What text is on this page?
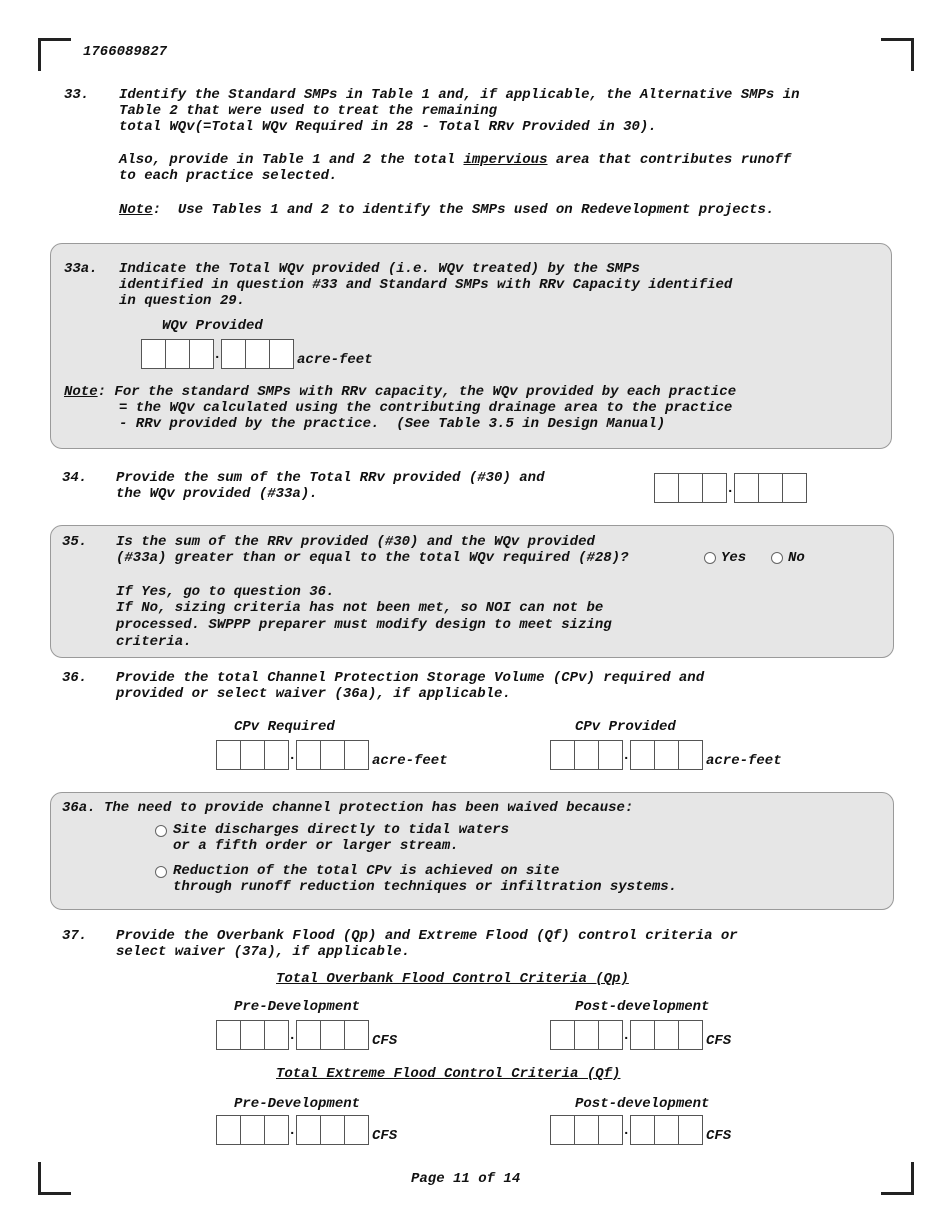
1766089827
33. Identify the Standard SMPs in Table 1 and, if applicable, the Alternative SMPs in
Table 2 that were used to treat the remaining
total WQv(=Total WQv Required in 28 - Total RRv Provided in 30).
Also, provide in Table 1 and 2 the total impervious area that contributes runoff
to each practice selected.
Note:  Use Tables 1 and 2 to identify the SMPs used on Redevelopment projects.
33a. Indicate the Total WQv provided (i.e. WQv treated) by the SMPs
identified in question #33 and Standard SMPs with RRv Capacity identified
in question 29.
WQv Provided
.	acre-feet
Note: For the standard SMPs with RRv capacity, the WQv provided by each practice
= the WQv calculated using the contributing drainage area to the practice
- RRv provided by the practice.  (See Table 3.5 in Design Manual)
34. Provide the sum of the Total RRv provided (#30) and
the WQv provided (#33a).	.
35. Is the sum of the RRv provided (#30) and the WQv provided
(#33a) greater than or equal to the total WQv required (#28)?	Yes	No
If Yes, go to question 36.
If No, sizing criteria has not been met, so NOI can not be
processed. SWPPP preparer must modify design to meet sizing
criteria.
36. Provide the total Channel Protection Storage Volume (CPv) required and
provided or select waiver (36a), if applicable.
CPv Required
.	acre-feet
CPv Provided
.	acre-feet
36a. The need to provide channel protection has been waived because:
Site discharges directly to tidal waters
or a fifth order or larger stream.
Reduction of the total CPv is achieved on site
through runoff reduction techniques or infiltration systems.
37. Provide the Overbank Flood (Qp) and Extreme Flood (Qf) control criteria or
select waiver (37a), if applicable.
Total Overbank Flood Control Criteria (Qp)
Pre-Development
.	CFS
Post-development
.	CFS
Total Extreme Flood Control Criteria (Qf)
Pre-Development
.	CFS
Post-development
.	CFS
Page 11 of 14
